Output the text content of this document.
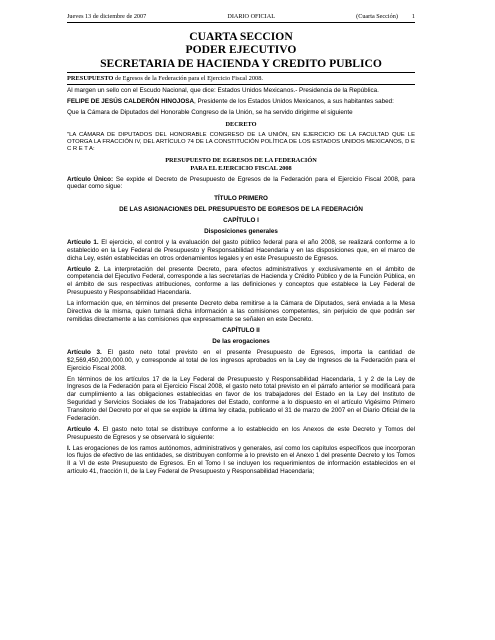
Jueves 13 de diciembre de 2007	DIARIO OFICIAL	(Cuarta Sección) 1
CUARTA SECCION
PODER EJECUTIVO
SECRETARIA DE HACIENDA Y CREDITO PUBLICO

PRESUPUESTO de Egresos de la Federación para el Ejercicio Fiscal 2008.

Al margen un sello con el Escudo Nacional, que dice: Estados Unidos Mexicanos.- Presidencia de la República.

FELIPE DE JESÚS CALDERÓN HINOJOSA, Presidente de los Estados Unidos Mexicanos, a sus habitantes sabed:

Que la Cámara de Diputados del Honorable Congreso de la Unión, se ha servido dirigirme el siguiente

DECRETO

"LA CÁMARA DE DIPUTADOS DEL HONORABLE CONGRESO DE LA UNIÓN, EN EJERCICIO DE LA FACULTAD QUE LE OTORGA LA FRACCIÓN IV, DEL ARTÍCULO 74 DE LA CONSTITUCIÓN POLÍTICA DE LOS ESTADOS UNIDOS MEXICANOS, D E C R E T A:

PRESUPUESTO DE EGRESOS DE LA FEDERACIÓN

PARA EL EJERCICIO FISCAL 2008

Artículo Único: Se expide el Decreto de Presupuesto de Egresos de la Federación para el Ejercicio Fiscal 2008, para quedar como sigue:

TÍTULO PRIMERO

DE LAS ASIGNACIONES DEL PRESUPUESTO DE EGRESOS DE LA FEDERACIÓN

CAPÍTULO I

Disposiciones generales

Artículo 1. El ejercicio, el control y la evaluación del gasto público federal para el año 2008, se realizará conforme a lo establecido en la Ley Federal de Presupuesto y Responsabilidad Hacendaria y en las disposiciones que, en el marco de dicha Ley, estén establecidas en otros ordenamientos legales y en este Presupuesto de Egresos.

Artículo 2. La interpretación del presente Decreto, para efectos administrativos y exclusivamente en el ámbito de competencia del Ejecutivo Federal, corresponde a las secretarías de Hacienda y Crédito Público y de la Función Pública, en el ámbito de sus respectivas atribuciones, conforme a las definiciones y conceptos que establece la Ley Federal de Presupuesto y Responsabilidad Hacendaria.

La información que, en términos del presente Decreto deba remitirse a la Cámara de Diputados, será enviada a la Mesa Directiva de la misma, quien turnará dicha información a las comisiones competentes, sin perjuicio de que podrán ser remitidas directamente a las comisiones que expresamente se señalen en este Decreto.

CAPÍTULO II

De las erogaciones

Artículo 3. El gasto neto total previsto en el presente Presupuesto de Egresos, importa la cantidad de $2,569,450,200,000.00, y corresponde al total de los ingresos aprobados en la Ley de Ingresos de la Federación para el Ejercicio Fiscal 2008.

En términos de los artículos 17 de la Ley Federal de Presupuesto y Responsabilidad Hacendaria, 1 y 2 de la Ley de Ingresos de la Federación para el Ejercicio Fiscal 2008, el gasto neto total previsto en el párrafo anterior se modificará para dar cumplimiento a las obligaciones establecidas en favor de los trabajadores del Estado en la Ley del Instituto de Seguridad y Servicios Sociales de los Trabajadores del Estado, conforme a lo dispuesto en el artículo Vigésimo Primero Transitorio del Decreto por el que se expide la última ley citada, publicado el 31 de marzo de 2007 en el Diario Oficial de la Federación.

Artículo 4. El gasto neto total se distribuye conforme a lo establecido en los Anexos de este Decreto y Tomos del Presupuesto de Egresos y se observará lo siguiente:

I. Las erogaciones de los ramos autónomos, administrativos y generales, así como los capítulos específicos que incorporan los flujos de efectivo de las entidades, se distribuyen conforme a lo previsto en el Anexo 1 del presente Decreto y los Tomos II a VI de este Presupuesto de Egresos. En el Tomo I se incluyen los requerimientos de información establecidos en el artículo 41, fracción II, de la Ley Federal de Presupuesto y Responsabilidad Hacendaria;
